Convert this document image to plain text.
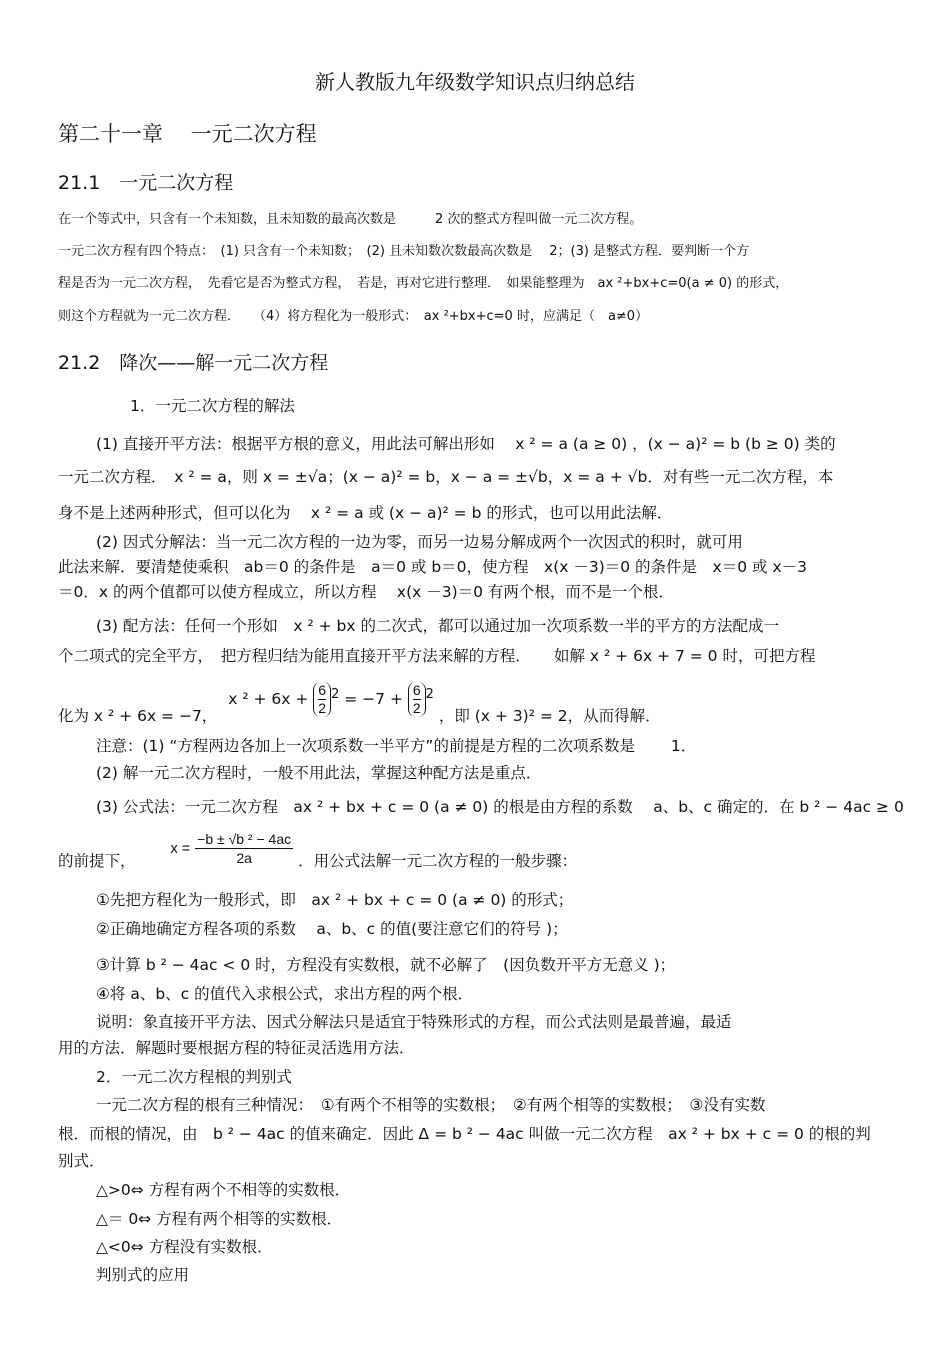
新人教版九年级数学知识点归纳总结
第二十一章　 一元二次方程
21.1　一元二次方程
在一个等式中，只含有一个未知数，且未知数的最高次数是　　　2 次的整式方程叫做一元二次方程。
一元二次方程有四个特点：　(1) 只含有一个未知数；　(2) 且未知数次数最高次数是　 2；(3) 是整式方程．要判断一个方
程是否为一元二次方程，　先看它是否为整式方程，　若是，再对它进行整理．　如果能整理为　ax ²+bx+c=0(a ≠ 0) 的形式，
则这个方程就为一元二次方程．　　（4）将方程化为一般形式：　ax ²+bx+c=0 时，应满足（　a≠0）
21.2　降次——解一元二次方程
1．一元二次方程的解法
(1) 直接开平方法：根据平方根的意义，用此法可解出形如　 x ² = a (a ≥ 0) ，(x − a)² = b (b ≥ 0) 类的
一元二次方程．　x ² = a，则 x = ±√a；(x − a)² = b，x − a = ±√b，x = a + √b．对有些一元二次方程，本
身不是上述两种形式，但可以化为　 x ² = a 或 (x − a)² = b 的形式，也可以用此法解．
(2) 因式分解法：当一元二次方程的一边为零，而另一边易分解成两个一次因式的积时，就可用
此法来解．要清楚使乘积　ab＝0 的条件是　a＝0 或 b＝0，使方程　x(x －3)＝0 的条件是　x＝0 或 x－3
＝0．x 的两个值都可以使方程成立，所以方程　 x(x －3)＝0 有两个根，而不是一个根．
(3) 配方法：任何一个形如　x ² + bx 的二次式，都可以通过加一次项系数一半的平方的方法配成一
个二项式的完全平方，　把方程归结为能用直接开平方法来解的方程．　　如解 x ² + 6x + 7 = 0 时，可把方程
化为 x ² + 6x = −7， x $^2 + 6x + \frac{6}{2}^2 = -7 + \frac{6}{2}^2$ ，即 (x + 3)² = 2，从而得解．
注意：(1) “方程两边各加上一次项系数一半平方”的前提是方程的二次项系数是　　 1．
(2) 解一元二次方程时，一般不用此法，掌握这种配方法是重点．
(3) 公式法：一元二次方程　ax ² + bx + c = 0 (a ≠ 0) 的根是由方程的系数　 a、b、c 确定的．在 b ² − 4ac ≥ 0
的前提下， $x = \frac{\text{−b ± √b ² − 4ac}}{2a}$ ．用公式法解一元二次方程的一般步骤：
①先把方程化为一般形式，即　ax ² + bx + c = 0 (a ≠ 0) 的形式；
②正确地确定方程各项的系数　 a、b、c 的值(要注意它们的符号 )；
③计算 b ² − 4ac < 0 时，方程没有实数根，就不必解了　(因负数开平方无意义 )；
④将 a、b、c 的值代入求根公式，求出方程的两个根．
说明：象直接开平方法、因式分解法只是适宜于特殊形式的方程，而公式法则是最普遍，最适
用的方法．解题时要根据方程的特征灵活选用方法．
2．一元二次方程根的判别式
一元二次方程的根有三种情况：　①有两个不相等的实数根；　②有两个相等的实数根；　③没有实数
根．而根的情况，由　b ² − 4ac 的值来确定．因此 Δ = b ² − 4ac 叫做一元二次方程　ax ² + bx + c = 0 的根的判
别式．
△>0⇔ 方程有两个不相等的实数根．
△＝ 0⇔ 方程有两个相等的实数根．
△<0⇔ 方程没有实数根．
判别式的应用
